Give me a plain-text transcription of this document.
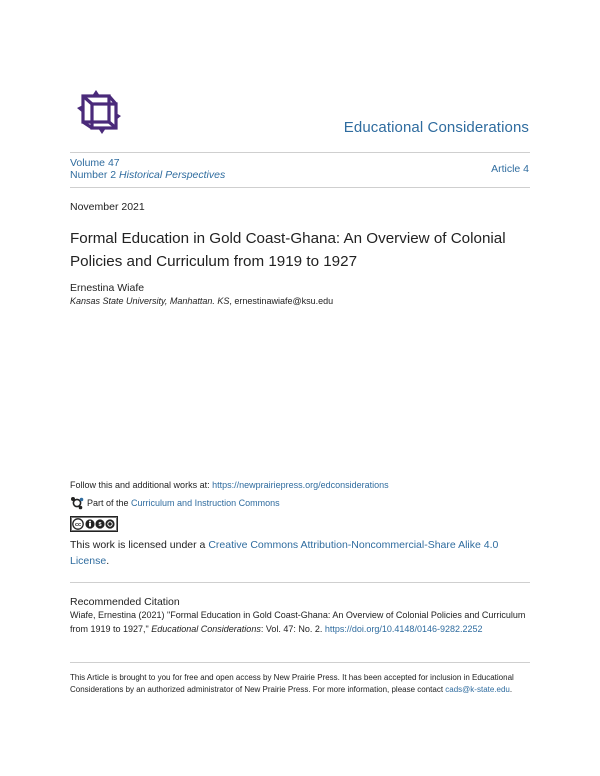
Educational Considerations
Volume 47
Number 2 Historical Perspectives	Article 4
November 2021
Formal Education in Gold Coast-Ghana: An Overview of Colonial Policies and Curriculum from 1919 to 1927
Ernestina Wiafe
Kansas State University, Manhattan. KS, ernestinawiafe@ksu.edu
Follow this and additional works at: https://newprairiepress.org/edconsiderations
Part of the
Curriculum and Instruction Commons
cc	$
This work is licensed under a Creative Commons Attribution-Noncommercial-Share Alike 4.0 License.
Recommended Citation
Wiafe, Ernestina (2021) "Formal Education in Gold Coast-Ghana: An Overview of Colonial Policies and Curriculum from 1919 to 1927," Educational Considerations: Vol. 47: No. 2. https://doi.org/10.4148/0146-9282.2252
This Article is brought to you for free and open access by New Prairie Press. It has been accepted for inclusion in Educational Considerations by an authorized administrator of New Prairie Press. For more information, please contact cads@k-state.edu.
